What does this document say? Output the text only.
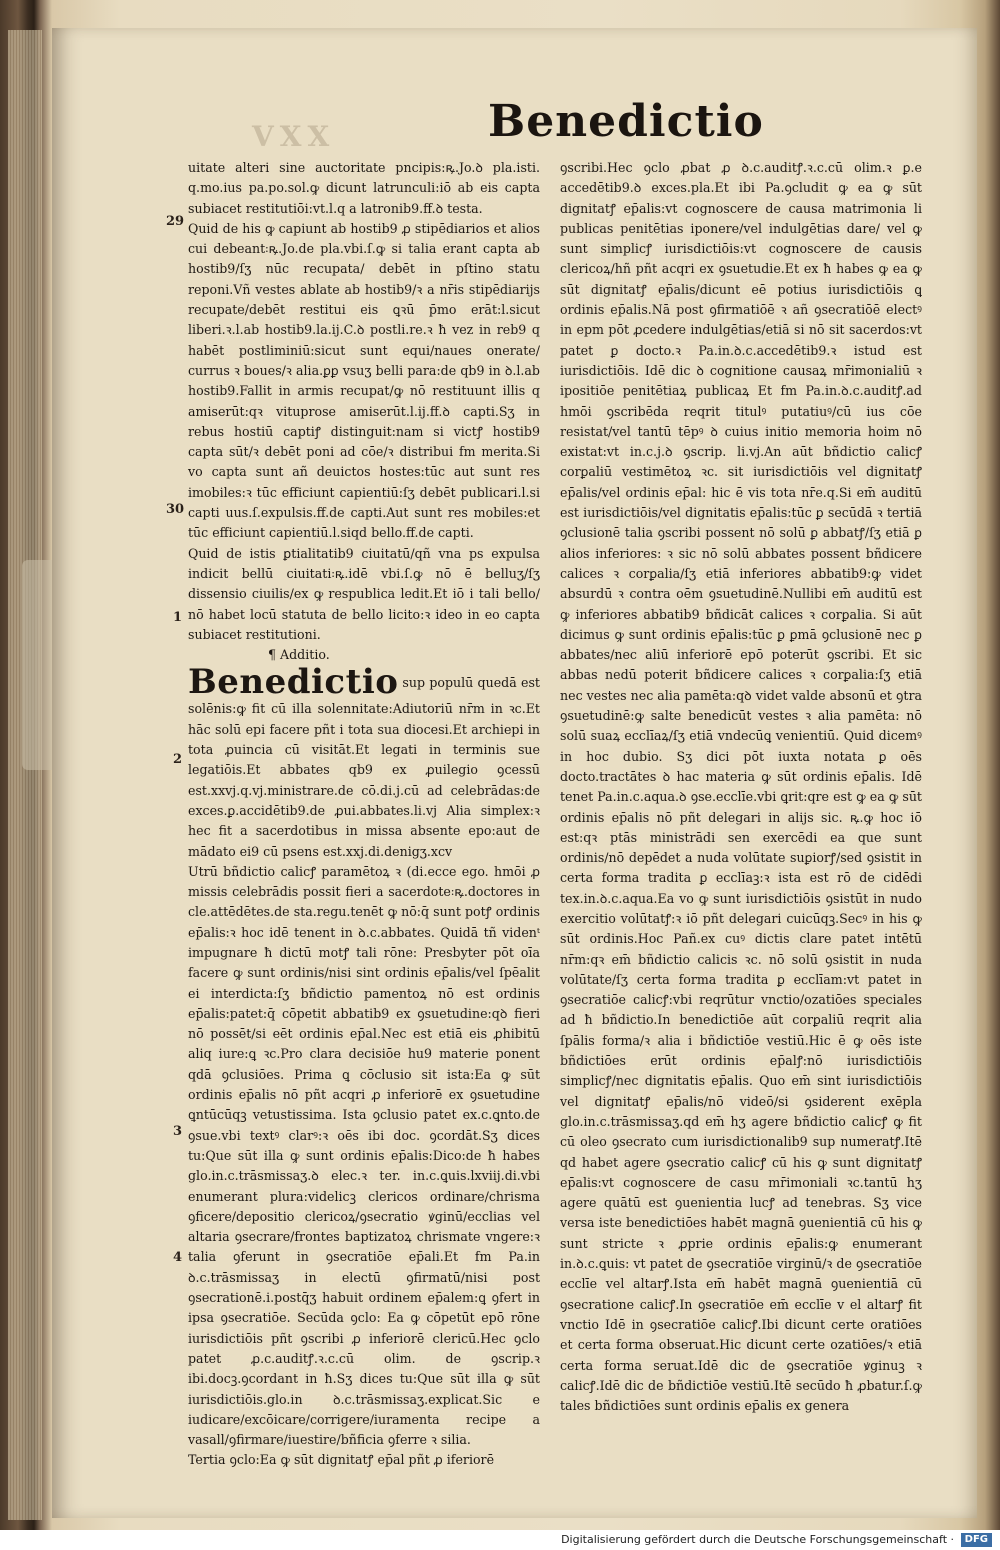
VXX	Benedictio
29
30
1
2
3
4

uitate alteri sine auctoritate pncipis:ꝶ.Jo.ꝺ pla.isti. q.mo.ius pa.po.sol.ꝙ dicunt latrunculi:iō ab eis capta subiacet restitutiōi:vt.l.q a latronib9.ff.ꝺ testa.

Quid de his ꝙ capiunt ab hostib9 ꝓ stipēdiarios et alios cui debeant꞉ꝶ.Jo.de pla.vbi.ſ.ꝙ si talia erant capta ab hostib9/ſʒ nūc recupata/ debēt in pſtino statu reponi.Vñ vestes ablate ab hostib9/ꝛ a nr̄is stipēdiarijs recupate/debēt restitui eis ꝗꝛū p̄mo erāt:l.sicut liberi.ꝛ.l.ab hostib9.la.ij.C.ꝺ postli.re.ꝛ ħ vez in reb9 q habēt postliminiū:sicut sunt equi/naues onerate/ currus ꝛ boues/ꝛ alia.ꝑꝑ vsuʒ belli para:de qb9 in ꝺ.l.ab hostib9.Fallit in armis recupat/ꝙ nō restituunt illis q amiserūt:qꝛ vituprose amiserūt.l.ij.ff.ꝺ capti.Sʒ in rebus hostiū captiꝭ distinguit:nam si victꝭ hostib9 capta sūt/ꝛ debēt poni ad cōe/ꝛ distribui fm merita.Si vo capta sunt añ deuictos hostes:tūc aut sunt res imobiles:ꝛ tūc efficiunt capientiū:ſʒ debēt publicari.l.si capti uus.ſ.expulsis.ff.de capti.Aut sunt res mobiles:et tūc efficiunt capientiū.l.siqd bello.ff.de capti.

Quid de istis ꝑtialitatib9 ciuitatū/qñ vna ps expulsa indicit bellū ciuitati꞉ꝶ.idē vbi.ſ.ꝙ nō ē belluʒ/ſʒ dissensio ciuilis/ex ꝙ respublica ledit.Et iō i tali bello/ nō habet locū statuta de bello licito:ꝛ ideo in eo capta subiacet restitutioni.

¶ Additio.

Benedictio sup populū quedā est solēnis:ꝙ fit cū illa solennitate:Adiutoriū nr̄m in ꝛc.Et hāc solū epi facere pñt i tota sua diocesi.Et archiepi in tota ꝓuincia cū visitāt.Et legati in terminis sue legatiōis.Et abbates qb9 ex ꝓuilegio ꝯcessū est.xxvj.q.vj.ministrare.de cō.di.j.cū ad celebrādas:de exces.ꝑ.accidētib9.de ꝓui.abbates.li.vj Alia simplex:ꝛ hec fit a sacerdotibus in missa absente epo:aut de mādato ei9 cū psens est.xxj.di.denigʒ.xcv

Utrū bñdictio calicꝭ paramētoꝝ ꝛ (di.ecce ego. hmōi ꝓ missis celebrādis possit fieri a sacerdote꞉ꝶ.doctores in cle.attēdētes.de sta.regu.tenēt ꝙ nō:q̄ sunt potꝭ ordinis ep̄alis:ꝛ hoc idē tenent in ꝺ.c.abbates. Quidā tñ videnᵗ impugnare ħ dictū motꝭ tali rōne: Presbyter pōt oīa facere ꝙ sunt ordinis/nisi sint ordinis ep̄alis/vel ſpēalit ei interdicta:ſʒ bñdictio pamentoꝝ nō est ordinis ep̄alis:patet:q̄ cōpetit abbatib9 ex ꝯsuetudine:qꝺ fieri nō possēt/si eēt ordinis ep̄al.Nec est etiā eis ꝓhibitū aliq iure:ꝗ ꝛc.Pro clara decisiōe hu9 materie ponent qdā ꝯclusiōes. Prima ꝗ cōclusio sit ista:Ea ꝙ sūt ordinis ep̄alis nō pñt acqri ꝓ inferiorē ex ꝯsuetudine ꝗntūcūqꝫ vetustissima. Ista ꝯclusio patet ex.c.ꝗnto.de ꝯsue.vbi textꝰ clarꝰ:ꝛ oēs ibi doc. ꝯcordāt.Sʒ dices tu:Que sūt illa ꝙ sunt ordinis ep̄alis:Dico:de ħ habes glo.in.c.trāsmissaʒ.ꝺ elec.ꝛ ter. in.c.ꝗuis.lxviij.di.vbi enumerant plura:videlicꝫ clericos ordinare/chrisma ꝯficere/depositio clericoꝝ/ꝯsecratio ꝟginū/ecclias vel altaria ꝯsecrare/frontes baptizatoꝝ chrismate vngere:ꝛ talia ꝯferunt in ꝯsecratiōe ep̄ali.Et fm Pa.in ꝺ.c.trāsmissaʒ in electū ꝯfirmatū/nisi post ꝯsecrationē.i.postq̄ʒ habuit ordinem ep̄alem:ꝗ ꝯfert in ipsa ꝯsecratiōe. Secūda ꝯclo: Ea ꝙ cōpetūt epō rōne iurisdictiōis pñt ꝯscribi ꝓ inferiorē clericū.Hec ꝯclo patet ꝓ.c.auditꝭ.ꝛ.c.cū olim. de ꝯscrip.ꝛ ibi.docꝫ.ꝯcordant in ħ.Sʒ dices tu:Que sūt illa ꝙ sūt iurisdictiōis.glo.in ꝺ.c.trāsmissaʒ.explicat.Sic e iudicare/excōicare/corrigere/iuramenta recipe a vasall/ꝯfirmare/iuestire/bñficia ꝯferre ꝛ silia.

Tertia ꝯclo:Ea ꝙ sūt dignitatꝭ ep̄al pñt ꝓ iferiorē

ꝯscribi.Hec ꝯclo ꝓbat ꝓ ꝺ.c.auditꝭ.ꝛ.c.cū olim.ꝛ ꝑ.e accedētib9.ꝺ exces.pla.Et ibi Pa.ꝯcludit ꝙ ea ꝙ sūt dignitatꝭ ep̄alis:vt cognoscere de causa matrimonia li publicas penitētias iponere/vel indulgētias dare/ vel ꝙ sunt simplicꝭ iurisdictiōis:vt cognoscere de causis clericoꝝ/hñ pñt acqri ex ꝯsuetudie.Et ex ħ habes ꝙ ea ꝙ sūt dignitatꝭ ep̄alis/dicunt eē potius iurisdictiōis ꝗ ordinis ep̄alis.Nā post ꝯfirmatiōē ꝛ añ ꝯsecratiōē electꝰ in epm pōt ꝓcedere indulgētias/etiā si nō sit sacerdos:vt patet ꝑ docto.ꝛ Pa.in.ꝺ.c.accedētib9.ꝛ istud est iurisdictiōis. Idē dic ꝺ cognitione causaꝝ mr̄imonialiū ꝛ ipositiōe penitētiaꝝ publicaꝝ Et fm Pa.in.ꝺ.c.auditꝭ.ad hmōi ꝯscribēda reqrit titulꝰ putatiuꝰ/cū ius cōe resistat/vel tantū tēpꝰ ꝺ cuius initio memoria hoim nō existat:vt in.c.j.ꝺ ꝯscrip. li.vj.An aūt bñdictio calicꝭ corꝑaliū vestimētoꝝ ꝛc. sit iurisdictiōis vel dignitatꝭ ep̄alis/vel ordinis ep̄al: hic ē vis tota nr̄e.q.Si em̄ auditū est iurisdictiōis/vel dignitatis ep̄alis:tūc ꝑ secūdā ꝛ tertiā ꝯclusionē talia ꝯscribi possent nō solū ꝑ abbatꝭ/ſʒ etiā ꝑ alios inferiores: ꝛ sic nō solū abbates possent bñdicere calices ꝛ corꝑalia/ſʒ etiā inferiores abbatib9:ꝙ videt absurdū ꝛ contra oēm ꝯsuetudinē.Nullibi em̄ auditū est ꝙ inferiores abbatib9 bñdicāt calices ꝛ corꝑalia. Si aūt dicimus ꝙ sunt ordinis ep̄alis:tūc ꝑ ꝑmā ꝯclusionē nec ꝑ abbates/nec aliū inferiorē epō poterūt ꝯscribi. Et sic abbas nedū poterit bñdicere calices ꝛ corꝑalia:ſʒ etiā nec vestes nec alia pamēta:qꝺ videt valde absonū et ꝯtra ꝯsuetudinē:ꝙ salte benedicūt vestes ꝛ alia pamēta: nō solū suaꝝ ecclīaꝝ/ſʒ etiā vndecūꝗ venientiū. Quid dicemꝰ in hoc dubio. Sʒ dici pōt iuxta notata ꝑ oēs docto.tractātes ꝺ hac materia ꝙ sūt ordinis ep̄alis. Idē tenet Pa.in.c.aqua.ꝺ ꝯse.ecclīe.vbi ꝗrit:qre est ꝙ ea ꝙ sūt ordinis ep̄alis nō pñt delegari in alijs sic. ꝶ.ꝙ hoc iō est:qꝛ ptās ministrādi sen exercēdi ea que sunt ordinis/nō depēdet a nuda volūtate suꝑiorꝭ/sed ꝯsistit in certa forma tradita ꝑ ecclīaꝫ:ꝛ ista est rō de cidēdi tex.in.ꝺ.c.aqua.Ea vo ꝙ sunt iurisdictiōis ꝯsistūt in nudo exercitio volūtatꝭ:ꝛ iō pñt delegari cuicūqꝫ.Secꝰ in his ꝙ sūt ordinis.Hoc Pañ.ex cuꝰ dictis clare patet intētū nr̄m:qꝛ em̄ bñdictio calicis ꝛc. nō solū ꝯsistit in nuda volūtate/ſʒ certa forma tradita ꝑ ecclīam:vt patet in ꝯsecratiōe calicꝭ:vbi reqrūtur vnctio/ozatiōes speciales ad ħ bñdictio.In benedictiōe aūt corꝑaliū reqrit alia ſpālis forma/ꝛ alia i bñdictiōe vestiū.Hic ē ꝙ oēs iste bñdictiōes erūt ordinis ep̄alꝭ:nō iurisdictiōis simplicꝭ/nec dignitatis ep̄alis. Quo em̄ sint iurisdictiōis vel dignitatꝭ ep̄alis/nō videō/si ꝯsiderent exēpla glo.in.c.trāsmissaʒ.qd em̄ hʒ agere bñdictio calicꝭ ꝙ fit cū oleo ꝯsecrato cum iurisdictionalib9 sup numeratꝭ.Itē qd habet agere ꝯsecratio calicꝭ cū his ꝙ sunt dignitatꝭ ep̄alis:vt cognoscere de casu mr̄imoniali ꝛc.tantū hʒ agere quātū est ꝯuenientia lucꝭ ad tenebras. Sʒ vice versa iste benedictiōes habēt magnā ꝯuenientiā cū his ꝙ sunt stricte ꝛ ꝓprie ordinis ep̄alis:ꝙ enumerant in.ꝺ.c.ꝗuis: vt patet de ꝯsecratiōe virginū/ꝛ de ꝯsecratiōe ecclīe vel altarꝭ.Ista em̄ habēt magnā ꝯuenientiā cū ꝯsecratione calicꝭ.In ꝯsecratiōe em̄ ecclīe v el altarꝭ fit vnctio Idē in ꝯsecratiōe calicꝭ.Ibi dicunt certe oratiōes et certa forma obseruat.Hic dicunt certe ozatiōes/ꝛ etiā certa forma seruat.Idē dic de ꝯsecratiōe ꝟginuꝫ ꝛ calicꝭ.Idē dic de bñdictiōe vestiū.Itē secūdo ħ ꝓbatur.ſ.ꝙ tales bñdictiōes sunt ordinis ep̄alis ex genera

Digitalisierung gefördert durch die Deutsche Forschungsgemeinschaft ·	DFG
